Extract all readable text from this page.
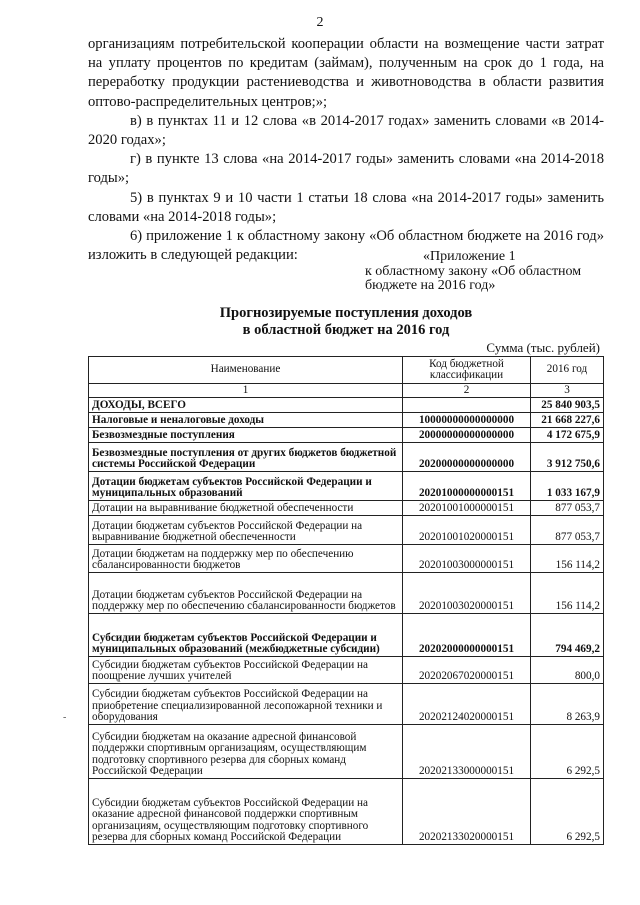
2

организациям потребительской кооперации области на возмещение части затрат на уплату процентов по кредитам (займам), полученным на срок до 1 года, на переработку продукции растениеводства и животноводства в области развития оптово-распределительных центров;»;

в) в пунктах 11 и 12 слова «в 2014-2017 годах» заменить словами «в 2014-2020 годах»;

г) в пункте 13 слова «на 2014-2017 годы» заменить словами «на 2014-2018 годы»;

5) в пунктах 9 и 10 части 1 статьи 18 слова «на 2014-2017 годы» заменить словами «на 2014-2018 годы»;

6) приложение 1 к областному закону «Об областном бюджете на 2016 год» изложить в следующей редакции:	«Приложение 1
к областному закону «Об областном
бюджете на 2016 год»
Прогнозируемые поступления доходов
в областной бюджет на 2016 год
Сумма (тыс. рублей)
Наименование	Код бюджетной классификации	2016 год
1	2	3
ДОХОДЫ, ВСЕГО		25 840 903,5
Налоговые и неналоговые доходы	10000000000000000	21 668 227,6
Безвозмездные поступления	20000000000000000	4 172 675,9
Безвозмездные поступления от других бюджетов бюджетной системы Российской Федерации	20200000000000000	3 912 750,6
Дотации бюджетам субъектов Российской Федерации и муниципальных образований	20201000000000151	1 033 167,9
Дотации на выравнивание бюджетной обеспеченности	20201001000000151	877 053,7
Дотации бюджетам субъектов Российской Федерации на выравнивание бюджетной обеспеченности	20201001020000151	877 053,7
Дотации бюджетам на поддержку мер по обеспечению сбалансированности бюджетов	20201003000000151	156 114,2
Дотации бюджетам субъектов Российской Федерации на поддержку мер по обеспечению сбалансированности бюджетов	20201003020000151	156 114,2
Субсидии бюджетам субъектов Российской Федерации и муниципальных образований (межбюджетные субсидии)	20202000000000151	794 469,2
Субсидии бюджетам субъектов Российской Федерации на поощрение лучших учителей	20202067020000151	800,0
Субсидии бюджетам субъектов Российской Федерации на приобретение специализированной лесопожарной техники и оборудования	20202124020000151	8 263,9
Субсидии бюджетам на оказание адресной финансовой поддержки спортивным организациям, осуществляющим подготовку спортивного резерва для сборных команд Российской Федерации	20202133000000151	6 292,5
Субсидии бюджетам субъектов Российской Федерации на оказание адресной финансовой поддержки спортивным организациям, осуществляющим подготовку спортивного резерва для сборных команд Российской Федерации	20202133020000151	6 292,5
-
